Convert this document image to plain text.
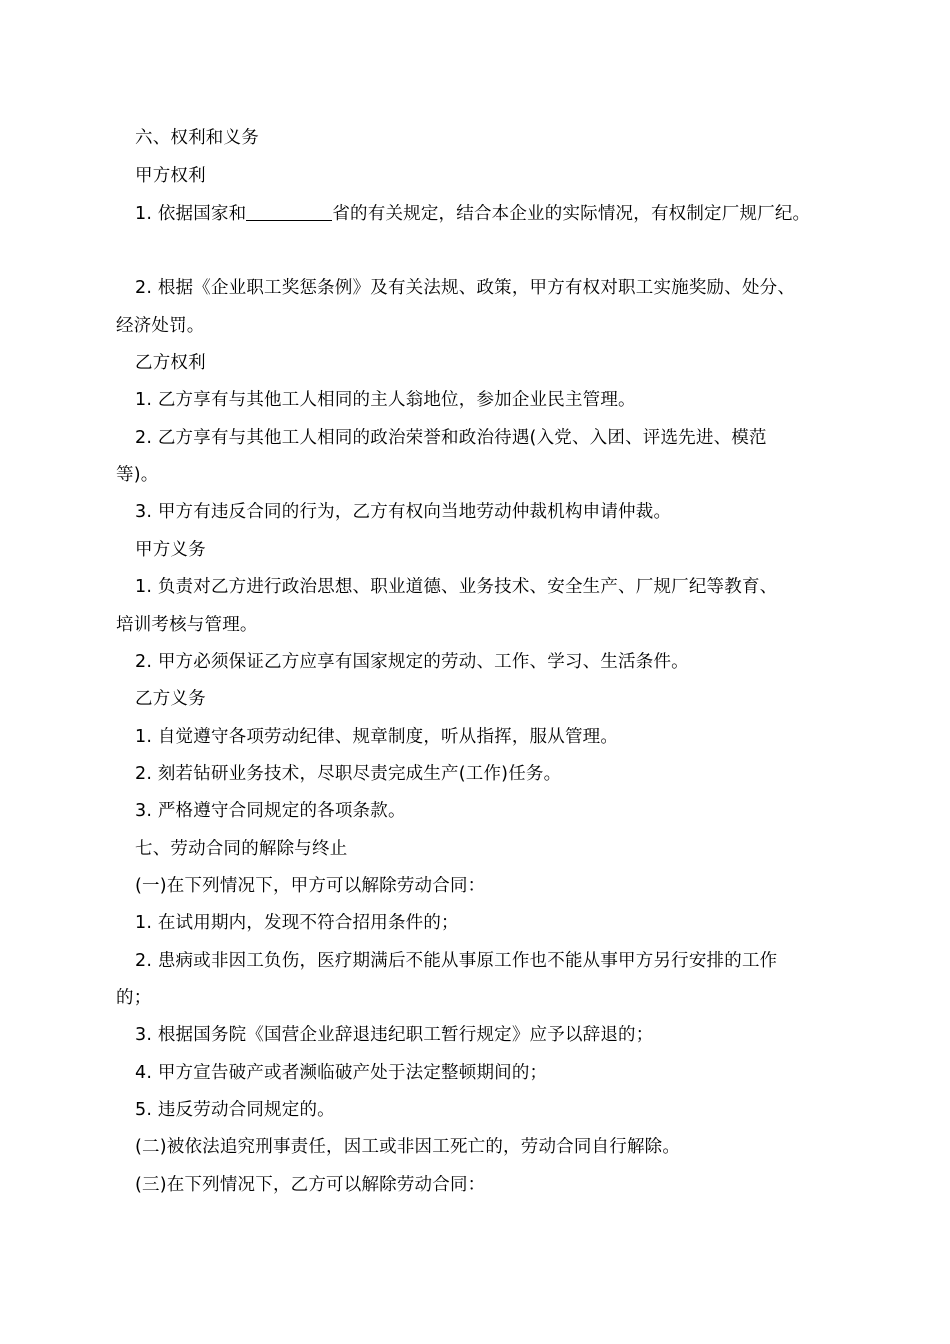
六、权利和义务
甲方权利
1. 依据国家和	省的有关规定，结合本企业的实际情况，有权制定厂规厂纪。
2. 根据《企业职工奖惩条例》及有关法规、政策，甲方有权对职工实施奖励、处分、
经济处罚。
乙方权利
1. 乙方享有与其他工人相同的主人翁地位，参加企业民主管理。
2. 乙方享有与其他工人相同的政治荣誉和政治待遇(入党、入团、评选先进、模范
等)。
3. 甲方有违反合同的行为，乙方有权向当地劳动仲裁机构申请仲裁。
甲方义务
1. 负责对乙方进行政治思想、职业道德、业务技术、安全生产、厂规厂纪等教育、
培训考核与管理。
2. 甲方必须保证乙方应享有国家规定的劳动、工作、学习、生活条件。
乙方义务
1. 自觉遵守各项劳动纪律、规章制度，听从指挥，服从管理。
2. 刻若钻研业务技术，尽职尽责完成生产(工作)任务。
3. 严格遵守合同规定的各项条款。
七、劳动合同的解除与终止
(一)在下列情况下，甲方可以解除劳动合同：
1. 在试用期内，发现不符合招用条件的；
2. 患病或非因工负伤，医疗期满后不能从事原工作也不能从事甲方另行安排的工作
的；
3. 根据国务院《国营企业辞退违纪职工暂行规定》应予以辞退的；
4. 甲方宣告破产或者濒临破产处于法定整顿期间的；
5. 违反劳动合同规定的。
(二)被依法追究刑事责任，因工或非因工死亡的，劳动合同自行解除。
(三)在下列情况下，乙方可以解除劳动合同：
